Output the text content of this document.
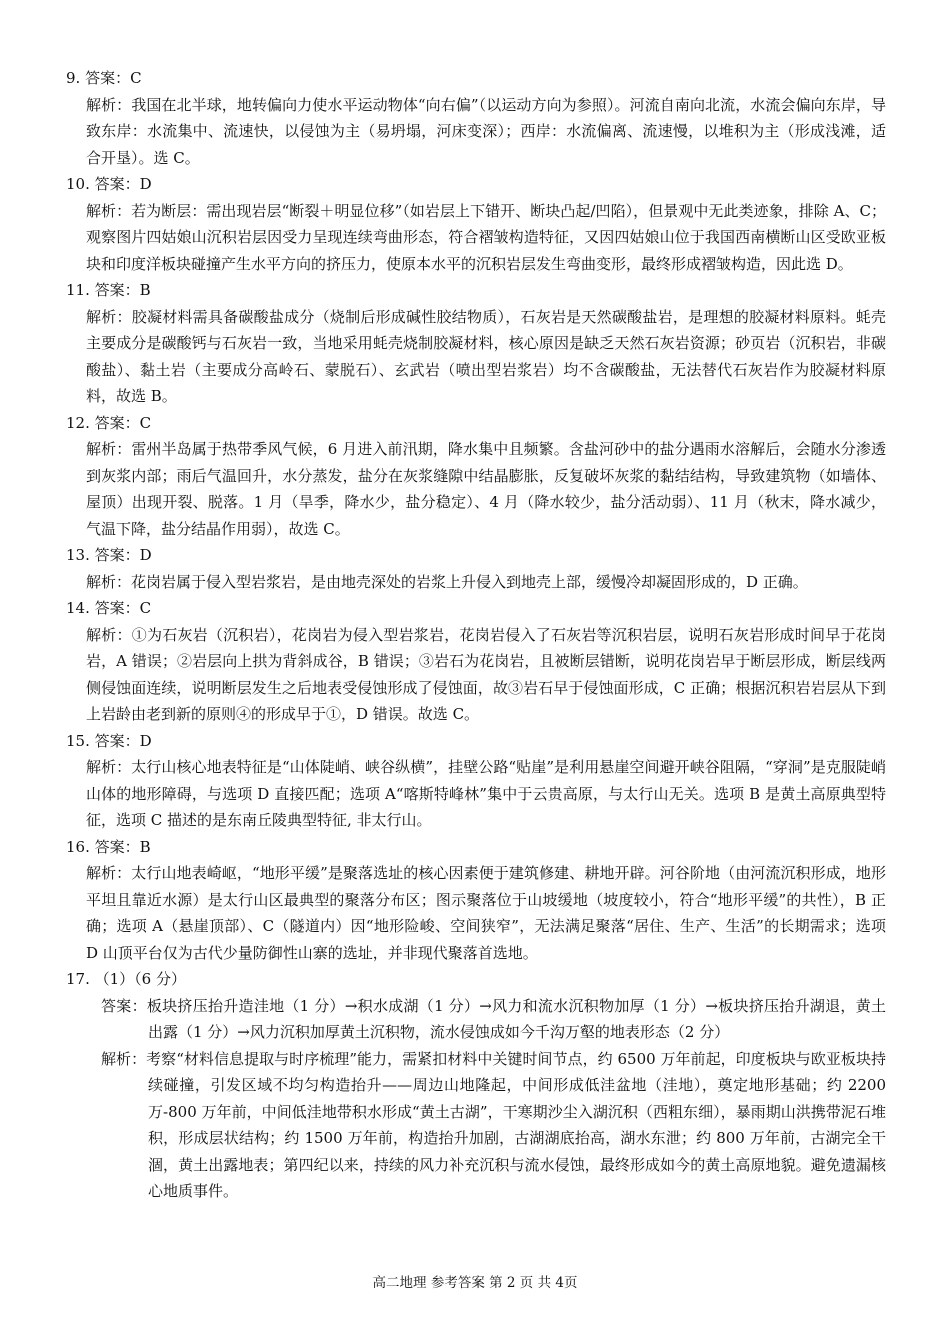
9. 答案：C

解析：我国在北半球，地转偏向力使水平运动物体“向右偏”（以运动方向为参照）。河流自南向北流，水流会偏向东岸，导致东岸：水流集中、流速快，以侵蚀为主（易坍塌，河床变深）；西岸：水流偏离、流速慢，以堆积为主（形成浅滩，适合开垦）。选 C。

10. 答案：D

解析：若为断层：需出现岩层“断裂＋明显位移”（如岩层上下错开、断块凸起/凹陷），但景观中无此类迹象，排除 A、C；观察图片四姑娘山沉积岩层因受力呈现连续弯曲形态，符合褶皱构造特征，又因四姑娘山位于我国西南横断山区受欧亚板块和印度洋板块碰撞产生水平方向的挤压力，使原本水平的沉积岩层发生弯曲变形，最终形成褶皱构造，因此选 D。

11. 答案：B

解析：胶凝材料需具备碳酸盐成分（烧制后形成碱性胶结物质），石灰岩是天然碳酸盐岩，是理想的胶凝材料原料。蚝壳主要成分是碳酸钙与石灰岩一致，当地采用蚝壳烧制胶凝材料，核心原因是缺乏天然石灰岩资源；砂页岩（沉积岩，非碳酸盐）、黏土岩（主要成分高岭石、蒙脱石）、玄武岩（喷出型岩浆岩）均不含碳酸盐，无法替代石灰岩作为胶凝材料原料，故选 B。

12. 答案：C

解析：雷州半岛属于热带季风气候，6 月进入前汛期，降水集中且频繁。含盐河砂中的盐分遇雨水溶解后，会随水分渗透到灰浆内部；雨后气温回升，水分蒸发，盐分在灰浆缝隙中结晶膨胀，反复破坏灰浆的黏结结构，导致建筑物（如墙体、屋顶）出现开裂、脱落。1 月（旱季，降水少，盐分稳定）、4 月（降水较少，盐分活动弱）、11 月（秋末，降水减少，气温下降，盐分结晶作用弱），故选 C。

13. 答案：D

解析：花岗岩属于侵入型岩浆岩，是由地壳深处的岩浆上升侵入到地壳上部，缓慢冷却凝固形成的，D 正确。

14. 答案：C

解析：①为石灰岩（沉积岩），花岗岩为侵入型岩浆岩，花岗岩侵入了石灰岩等沉积岩层，说明石灰岩形成时间早于花岗岩，A 错误；②岩层向上拱为背斜成谷，B 错误；③岩石为花岗岩，且被断层错断，说明花岗岩早于断层形成，断层线两侧侵蚀面连续，说明断层发生之后地表受侵蚀形成了侵蚀面，故③岩石早于侵蚀面形成，C 正确；根据沉积岩岩层从下到上岩龄由老到新的原则④的形成早于①，D 错误。故选 C。

15. 答案：D

解析：太行山核心地表特征是“山体陡峭、峡谷纵横”，挂壁公路“贴崖”是利用悬崖空间避开峡谷阻隔，“穿洞”是克服陡峭山体的地形障碍，与选项 D 直接匹配；选项 A“喀斯特峰林”集中于云贵高原，与太行山无关。选项 B 是黄土高原典型特征，选项 C 描述的是东南丘陵典型特征, 非太行山。

16. 答案：B

解析：太行山地表崎岖，“地形平缓”是聚落选址的核心因素便于建筑修建、耕地开辟。河谷阶地（由河流沉积形成，地形平坦且靠近水源）是太行山区最典型的聚落分布区；图示聚落位于山坡缓地（坡度较小，符合“地形平缓”的共性），B 正确；选项 A（悬崖顶部）、C（隧道内）因“地形险峻、空间狭窄”，无法满足聚落“居住、生产、生活”的长期需求；选项 D 山顶平台仅为古代少量防御性山寨的选址，并非现代聚落首选地。

17. （1）（6 分）

答案：板块挤压抬升造洼地（1 分）→积水成湖（1 分）→风力和流水沉积物加厚（1 分）→板块挤压抬升湖退，黄土出露（1 分）→风力沉积加厚黄土沉积物，流水侵蚀成如今千沟万壑的地表形态（2 分）

解析：考察“材料信息提取与时序梳理”能力，需紧扣材料中关键时间节点，约 6500 万年前起，印度板块与欧亚板块持续碰撞，引发区域不均匀构造抬升——周边山地隆起，中间形成低洼盆地（洼地），奠定地形基础；约 2200 万-800 万年前，中间低洼地带积水形成“黄土古湖”，干寒期沙尘入湖沉积（西粗东细），暴雨期山洪携带泥石堆积，形成层状结构；约 1500 万年前，构造抬升加剧，古湖湖底抬高，湖水东泄；约 800 万年前，古湖完全干涸，黄土出露地表；第四纪以来，持续的风力补充沉积与流水侵蚀，最终形成如今的黄土高原地貌。避免遗漏核心地质事件。

高二地理 参考答案 第 2 页 共 4页
